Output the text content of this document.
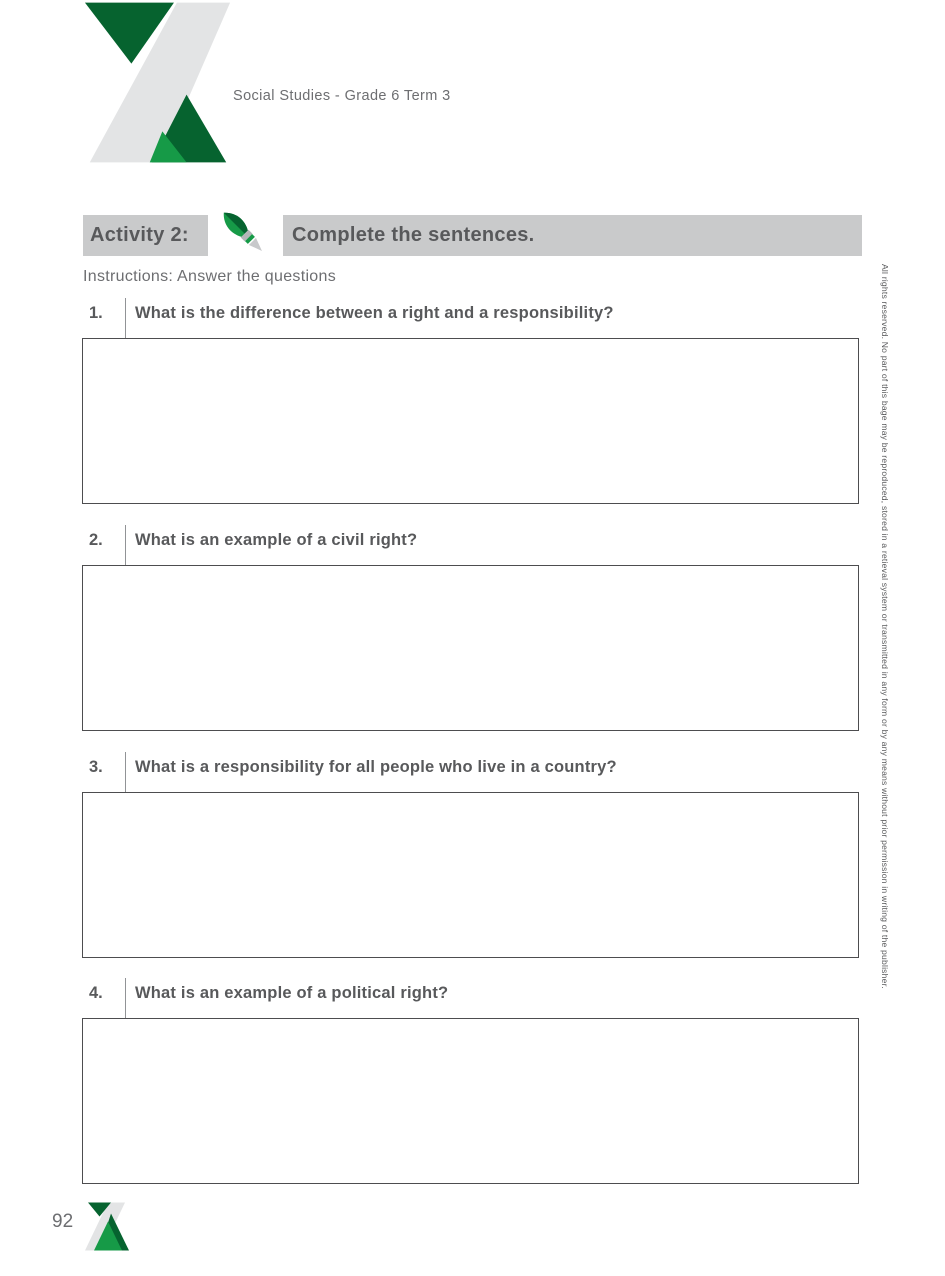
Social Studies - Grade 6 Term 3
Activity 2:	Complete the sentences.
Instructions: Answer the questions
1.	What is the difference between a right and a responsibility?
2.	What is an example of a civil right?
3.	What is a responsibility for all people who live in a country?
4.	What is an example of a political right?
92
All rights reserved. No part of this bage may be reproduced, stored in a retieval system or transmitted in any form or by any means without prior permission in writing of the publisher.
